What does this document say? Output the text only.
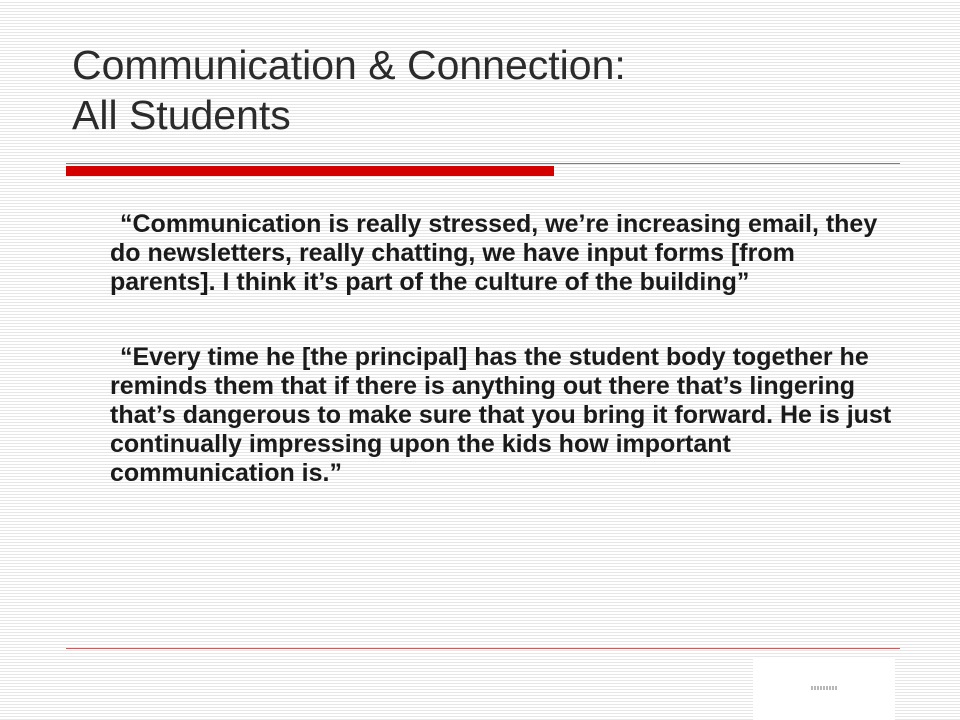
Communication & Connection:
All Students

“Communication is really stressed, we’re increasing email, they do newsletters, really chatting, we have input forms [from parents]. I think it’s part of the culture of the building”

“Every time he [the principal] has the student body together he reminds them that if there is anything out there that’s lingering that’s dangerous to make sure that you bring it forward. He is just continually impressing upon the kids how important communication is.”
